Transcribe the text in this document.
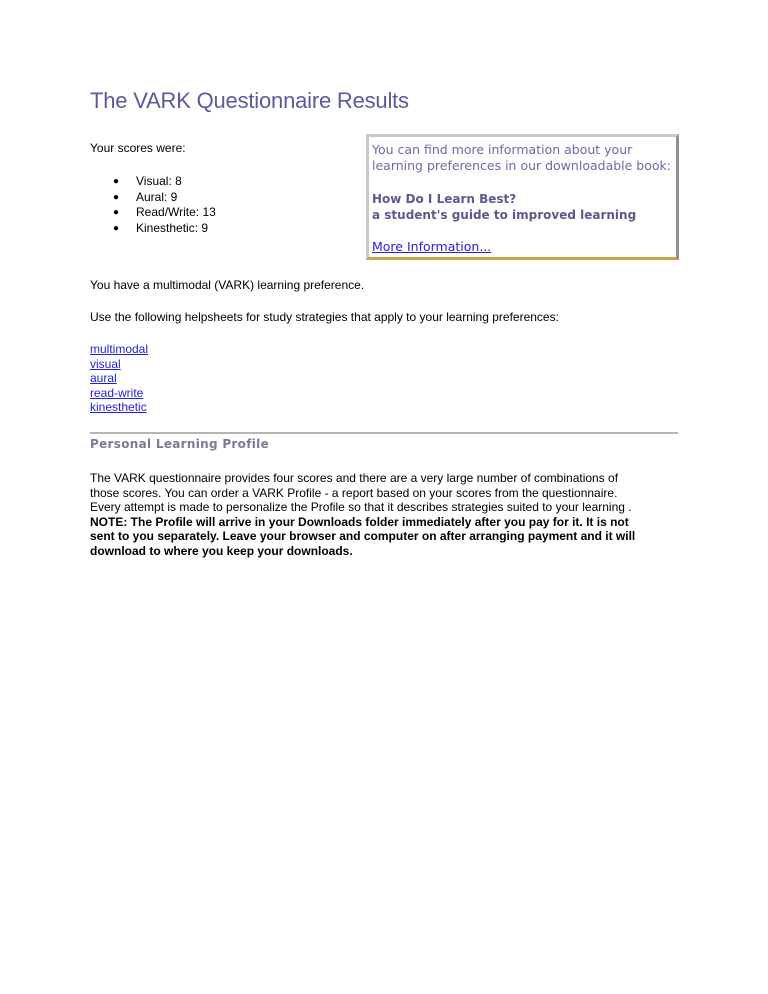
The VARK Questionnaire Results
Your scores were:
● Visual: 8
● Aural: 9
● Read/Write: 13
● Kinesthetic: 9
You can find more information about your learning preferences in our downloadable book:
How Do I Learn Best?
a student's guide to improved learning
More Information...
You have a multimodal (VARK) learning preference.
Use the following helpsheets for study strategies that apply to your learning preferences:
multimodal
visual
aural
read-write
kinesthetic
Personal Learning Profile
The VARK questionnaire provides four scores and there are a very large number of combinations of
those scores. You can order a VARK Profile - a report based on your scores from the questionnaire.
Every attempt is made to personalize the Profile so that it describes strategies suited to your learning .
NOTE: The Profile will arrive in your Downloads folder immediately after you pay for it. It is not
sent to you separately. Leave your browser and computer on after arranging payment and it will
download to where you keep your downloads.
